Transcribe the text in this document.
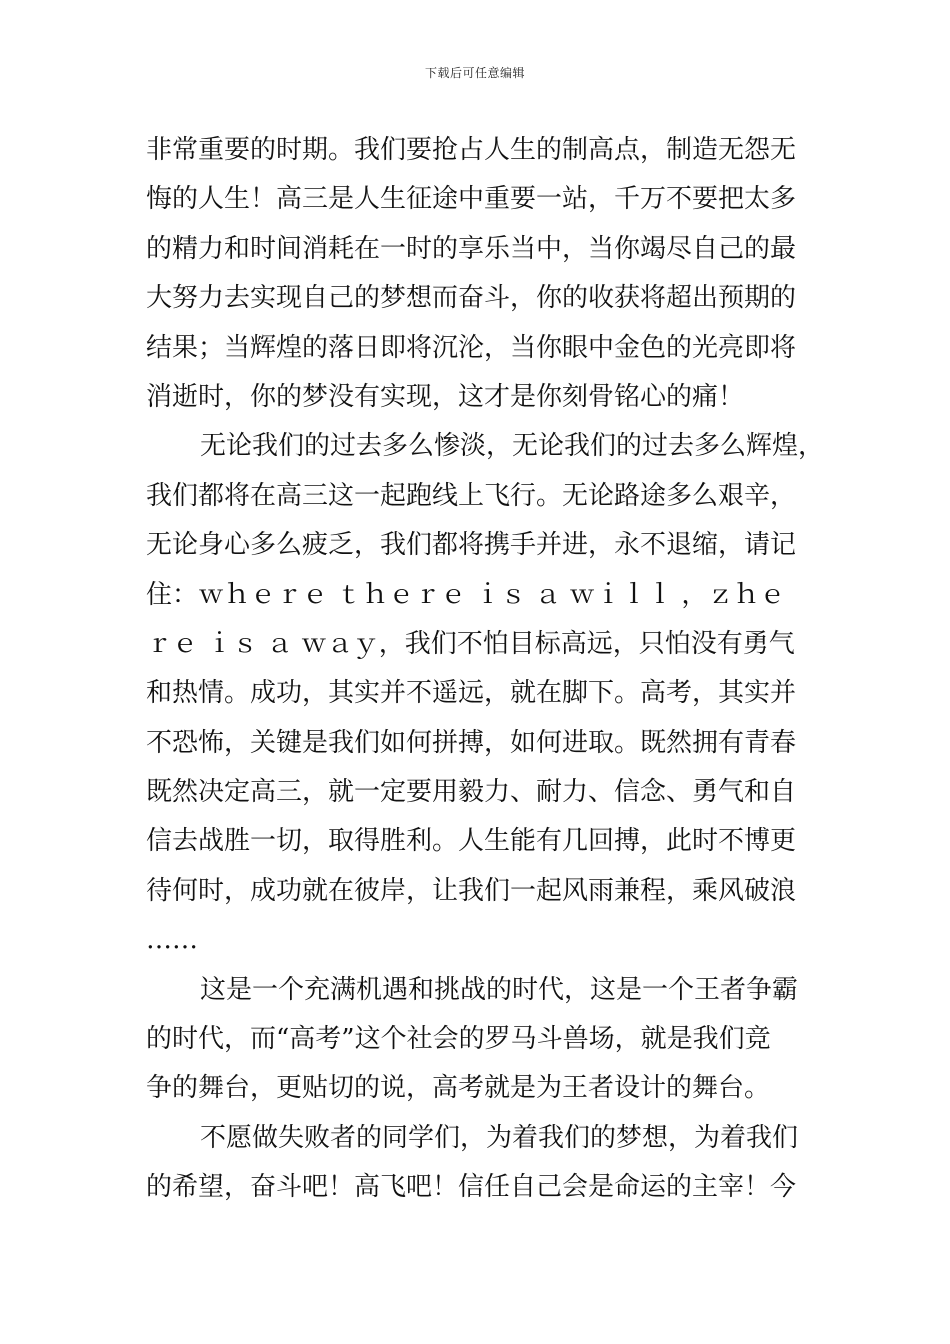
下载后可任意编辑
非常重要的时期。我们要抢占人生的制高点，制造无怨无
悔的人生！高三是人生征途中重要一站，千万不要把太多
的精力和时间消耗在一时的享乐当中，当你竭尽自己的最
大努力去实现自己的梦想而奋斗，你的收获将超出预期的
结果；当辉煌的落日即将沉沦，当你眼中金色的光亮即将
消逝时，你的梦没有实现，这才是你刻骨铭心的痛！
无论我们的过去多么惨淡，无论我们的过去多么辉煌，
我们都将在高三这一起跑线上飞行。无论路途多么艰辛，
无论身心多么疲乏，我们都将携手并进，永不退缩，请记
住：ｗｈｅｒｅ ｔｈｅｒｅ ｉｓ ａ ｗｉｌｌ ，ｚｈｅ
ｒｅ ｉｓ ａ ｗａｙ，我们不怕目标高远，只怕没有勇气
和热情。成功，其实并不遥远，就在脚下。高考，其实并
不恐怖，关键是我们如何拼搏，如何进取。既然拥有青春
既然决定高三，就一定要用毅力、耐力、信念、勇气和自
信去战胜一切，取得胜利。人生能有几回搏，此时不博更
待何时，成功就在彼岸，让我们一起风雨兼程，乘风破浪
……
这是一个充满机遇和挑战的时代，这是一个王者争霸
的时代，而“高考”这个社会的罗马斗兽场，就是我们竞
争的舞台，更贴切的说，高考就是为王者设计的舞台。
不愿做失败者的同学们，为着我们的梦想，为着我们
的希望，奋斗吧！高飞吧！信任自己会是命运的主宰！今
